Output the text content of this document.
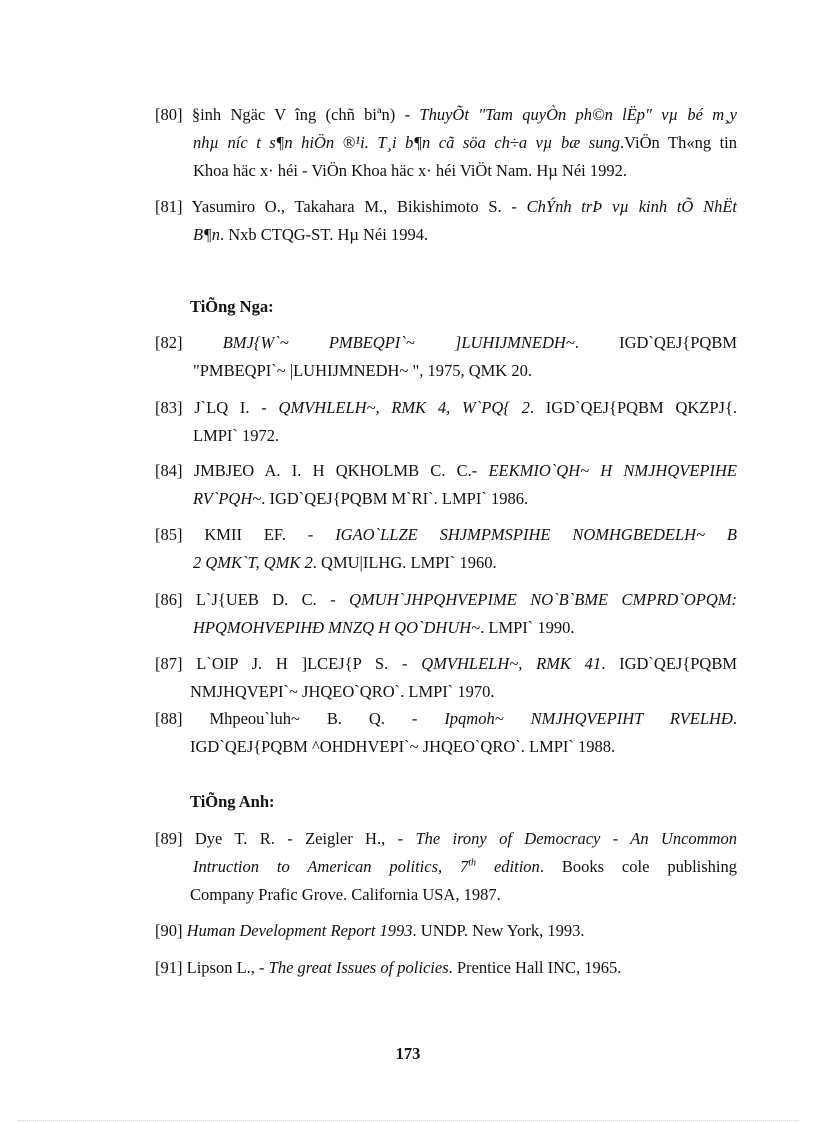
[80] §inh Ngäc V îng (chñ biªn) - ThuyÕt "Tam quyÒn ph©n lËp" vµ bé m¸y
nhµ níc t s¶n hiÖn ®¹i. T¸i b¶n cã söa ch÷a vµ bæ sung.ViÖn Th«ng tin
Khoa häc x· héi - ViÖn Khoa häc x· héi ViÖt Nam. Hµ Néi 1992.
[81] Yasumiro O., Takahara M., Bikishimoto S. - ChÝnh trÞ vµ kinh tÕ NhËt
B¶n. Nxb CTQG-ST. Hµ Néi 1994.
TiÕng Nga:
[82] BMJ{W`~ PMBEQPI`~ ]LUHIJMNEDH~. IGD`QEJ{PQBM
"PMBEQPI`~ |LUHIJMNEDH~ ", 1975, QMK 20.
[83] J`LQ I. - QMVHLELH~, RMK 4, W`PQ{ 2. IGD`QEJ{PQBM QKZPJ{.
LMPI` 1972.
[84] JMBJEO A. I. H QKHOLMB C. C.- EEKMIO`QH~ H NMJHQVEPIHE
RV`PQH~. IGD`QEJ{PQBM M`RI`. LMPI` 1986.
[85] KMII EF. - IGAO`LLZE SHJMPMSPIHE NOMHGBEDELH~ B
2 QMK`T, QMK 2. QMU|ILHG. LMPI` 1960.
[86] L`J{UEB D. C. - QMUH`JHPQHVEPIME NO`B`BME CMPRD`OPQM:
HPQMOHVEPIHÐ MNZQ H QO`DHUH~. LMPI` 1990.
[87] L`OIP J. H ]LCEJ{P S. - QMVHLELH~, RMK 41. IGD`QEJ{PQBM
NMJHQVEPI`~ JHQEO`QRO`. LMPI` 1970.
[88] Mhpeou`luh~ B. Q. - Ipqmoh~ NMJHQVEPIHT RVELHÐ.
IGD`QEJ{PQBM ^OHDHVEPI`~ JHQEO`QRO`. LMPI` 1988.
TiÕng Anh:
[89] Dye T. R. - Zeigler H., - The irony of Democracy - An Uncommon
Intruction to American politics, 7th edition. Books cole publishing
Company Prafic Grove. California USA, 1987.
[90] Human Development Report 1993. UNDP. New York, 1993.
[91] Lipson L., - The great Issues of policies. Prentice Hall INC, 1965.
173
